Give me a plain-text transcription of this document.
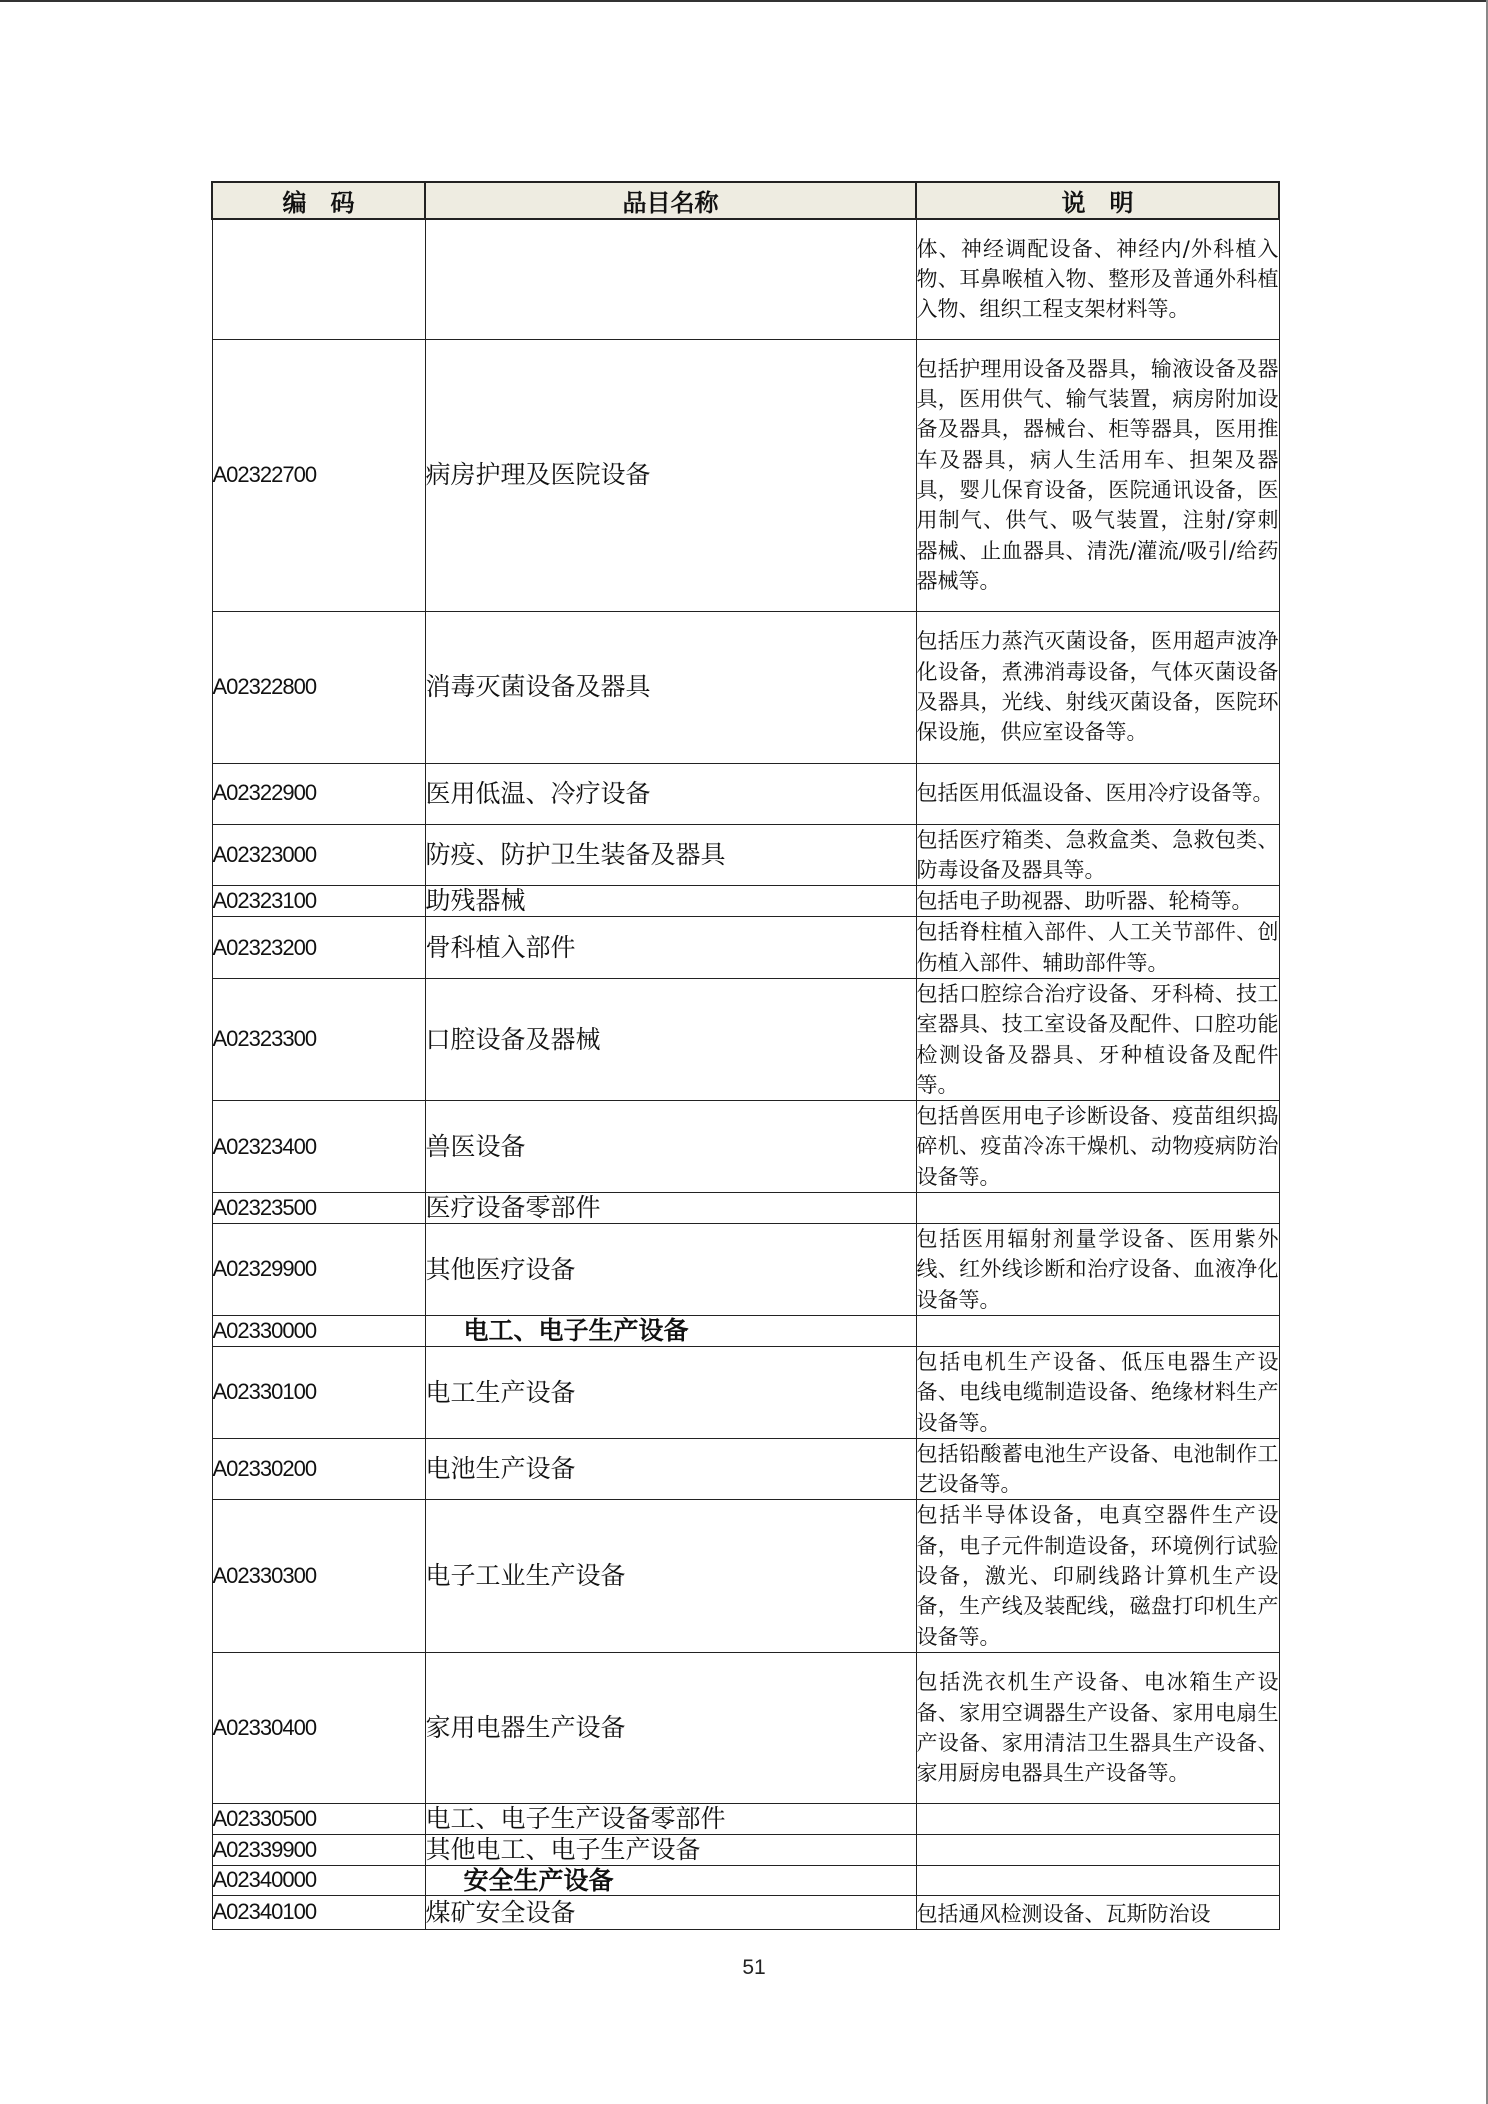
编　码	品目名称	说　明
		体、神经调配设备、神经内/外科植入物、耳鼻喉植入物、整形及普通外科植入物、组织工程支架材料等。
A02322700	病房护理及医院设备	包括护理用设备及器具，输液设备及器具，医用供气、输气装置，病房附加设备及器具，器械台、柜等器具，医用推车及器具，病人生活用车、担架及器具，婴儿保育设备，医院通讯设备，医用制气、供气、吸气装置，注射/穿刺器械、止血器具、清洗/灌流/吸引/给药器械等。
A02322800	消毒灭菌设备及器具	包括压力蒸汽灭菌设备，医用超声波净化设备，煮沸消毒设备，气体灭菌设备及器具，光线、射线灭菌设备，医院环保设施，供应室设备等。
A02322900	医用低温、冷疗设备	包括医用低温设备、医用冷疗设备等。
A02323000	防疫、防护卫生装备及器具	包括医疗箱类、急救盒类、急救包类、防毒设备及器具等。
A02323100	助残器械	包括电子助视器、助听器、轮椅等。
A02323200	骨科植入部件	包括脊柱植入部件、人工关节部件、创伤植入部件、辅助部件等。
A02323300	口腔设备及器械	包括口腔综合治疗设备、牙科椅、技工室器具、技工室设备及配件、口腔功能检测设备及器具、牙种植设备及配件等。
A02323400	兽医设备	包括兽医用电子诊断设备、疫苗组织捣碎机、疫苗冷冻干燥机、动物疫病防治设备等。
A02323500	医疗设备零部件	
A02329900	其他医疗设备	包括医用辐射剂量学设备、医用紫外线、红外线诊断和治疗设备、血液净化设备等。
A02330000	电工、电子生产设备	
A02330100	电工生产设备	包括电机生产设备、低压电器生产设备、电线电缆制造设备、绝缘材料生产设备等。
A02330200	电池生产设备	包括铅酸蓄电池生产设备、电池制作工艺设备等。
A02330300	电子工业生产设备	包括半导体设备，电真空器件生产设备，电子元件制造设备，环境例行试验设备，激光、印刷线路计算机生产设备，生产线及装配线，磁盘打印机生产设备等。
A02330400	家用电器生产设备	包括洗衣机生产设备、电冰箱生产设备、家用空调器生产设备、家用电扇生产设备、家用清洁卫生器具生产设备、家用厨房电器具生产设备等。
A02330500	电工、电子生产设备零部件	
A02339900	其他电工、电子生产设备	
A02340000	安全生产设备	
A02340100	煤矿安全设备	包括通风检测设备、瓦斯防治设
51
